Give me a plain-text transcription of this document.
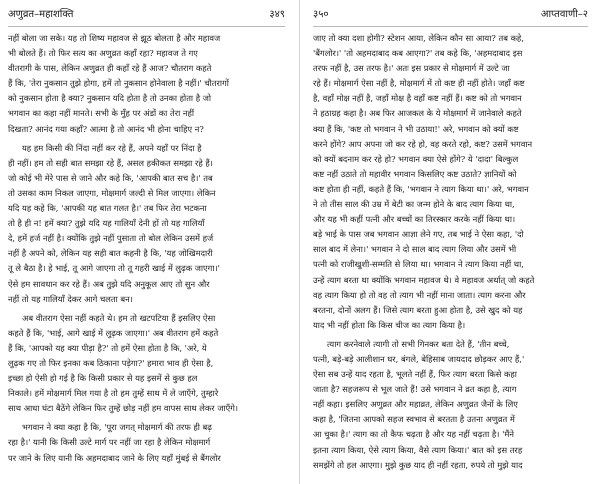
अणुव्रत–महाशक्ति	३४९
नहीं बोला जा सके। यह तो शिष्य महावज से झूठ बोलता है और महावज
भी बोलते हैं। तो फिर सत्य का अणुव्रत कहाँ रहा? महावज ते गए
वीतरागी के पास, लेकिन अणुव्रत ही कहाँ रहे हैं आज? चौतराग कहते
हैं कि, 'तेरा नुकसान तुझे होगा, हमें तो नुकसान होनेवाला है नहीं।' चौतरागों
को नुकसान होता है क्या? नुकसान यदि होता है तो उनका होता है जो
भगवान का कहा नहीं मानते। सभी के मुँह पर अंडों का तेरा नहीं
दिखता? आनंद गया कहाँ? आत्मा है तो आनंद भी होना चाहिए न?
यह हम किसी की निंदा नहीं कर रहे हैं, अपने यहाँ पर निंदा है
ही नहीं। हम तो सही बात समझा रहे हैं, असल हकीकत समझा रहे हैं।
जो कोई भी मेरे पास से जाने और कहे कि, 'आपकी बात सच है।' तब
तो उसका काम निकल जाएगा, मोक्षमार्ग जल्दी से मिल जाएगा। लेकिन
यदि यह कहे कि, 'आपकी यह बात गलत है।' तब फिर तेरा भटकना
तो है ही न! हमें क्या? तुझे यदि यह गालियाँ देनी हों तो यह गालियाँ
दे, हमें हर्ज नहीं है। क्योंकि तुझे नहीं पुसाता तो बोल लेकिन उसमें हर्ज
नहीं है अपने को, लेकिन यह सही बात कहनी है कि, 'यह जोखिमदारी
तू ले बैठा है। हे भाई, तू आगे जाएगा तो तू गहरी खाई में लुढ़क जाएगा।'
ऐसे हम सावधान कर रहे हैं। अब तुझे यदि अनुकूल आए तो सुन और
नहीं तो यह गालियाँ देकर आगे चलता बन।
अब वीतराग ऐसा नहीं कहते थे। हम तो खटपटिया हैं इसलिए ऐसा
कहते हैं कि, 'भाई, आगे खाई में लुढ़क जाएगा।' अब वीतराग हमें कहते
हैं कि, 'आपको यह क्या पीड़ा है?' तो हमें ऐसा होता है कि, 'अरे, ये
लुढ़क गए तो फिर इनका कब ठिकाना पड़ेगा?' हमारा भाव ही ऐसा है,
इच्छा हो ऐसी हो गई है कि किसी प्रकार से यह इसमें से कुछ हल
निकाले। हमें मोक्षमार्ग मिल गया है तो हम तुम्हें साथ में ले जाएँगे, तुम्हारे
साथ आधा घंटा बैठेंगे लेकिन फिर तुम्हें छोड़ नहीं हम वापस साथ लेकर जाएँगे।
भगवान ने क्या कहा है कि, 'पूरा जगत् मोक्षमार्ग की तरफ ही बढ़
रहा है।' यानी कि किसी उल्टे मार्ग पर नहीं जा रहा है लेकिन मोक्षमार्ग
पर जाने के लिए यानी कि अहमदाबाद जाने के लिए यहाँ मुंबई से बैंगलोर
३५०	आप्तवाणी–२
जाए तो क्या दशा होगी? स्टेशन आया, लेकिन कौन सा आया? तब कहे,
'बैंगलोर।' 'तो अहमदाबाद कब आएगा?' तब कहे कि, 'अहमदाबाद इस
तरफ नहीं है, उस तरफ है।' अतः इस प्रकार से मोक्षमार्ग में उल्टे जा
रहे हैं। मोक्षमार्ग ऐसा नहीं है, मोक्षमार्ग में तो कष्ट ही नहीं होते। जहाँ कष्ट
है, वहाँ मोक्ष नहीं है, जहाँ मोक्ष है वहाँ कष्ट नहीं हैं। कष्ट को तो भगवान
ने हठाग्रह कहा है। अब फिर आजकल के ये मोक्षमार्ग में जानेवाले कहते
क्या हैं कि, 'कष्ट तो भगवान ने भी उठाया!' अरे, भगवान को क्यों कष्ट
करने होंगे? आप अपना जो कर रहे हो, वह करते रहो, कष्ट? उसमें भगवान
को क्यों बदनाम कर रहे हो? भगवान क्या ऐसे होंगे? ये 'दादा' बिल्कुल
कष्ट नहीं उठाते तो महावीर भगवान किसलिए कष्ट उठाते? ज्ञानियों को
कष्ट होता ही नहीं, कहते हैं कि, 'भगवान ने त्याग किया था।' अरे, भगवान
ने तो तीस साल की उम्र में बेटी का जन्म होने के बाद त्याग किया था,
और यह भी कहीं पत्नी और बच्चों का तिरस्कार करके नहीं किया था।
बड़े भाई के पास जब भगवान आज्ञा लेने गए, तब भाई ने ऐसा कहा, 'दो
साल बाद में लेना।' भगवान ने दो साल बाद त्याग लिया और उसमें भी
पत्नी को राजीखुशी-सम्मति से लिया था। भगवान ने त्याग किया नहीं था,
उन्हें त्याग बरता था क्योंकि भगवान महावज थे। वे महावज अर्थात् जो कहते
वह त्याग किया हो तो वह तो त्याग भी नहीं माना जाता। त्याग करना और
बरतना, दोनों अलग हैं। जिसे त्याग बरता हुआ होता है, उसे खुद को यह
याद भी नहीं होता कि किस चीज का त्याग किया है।
त्याग करनेवाले त्यागी तो सभी गिनकर बता देते हैं, 'तीन बच्चे,
पत्नी, बड़े-बड़े आलीशान घर, बंगले, बेहिसाब जायदाद छोड़कर आए हैं,'
ऐसा सब उन्हें याद रहता है, भूलते नहीं हैं, फिर त्याग बरता किसे कहा
जाता है? सहजरूप से भूल जाते हैं! उसे भगवान ने व्रत कहा है, त्याग
नहीं कहा। इसलिए अणुव्रत और महाव्रत, लेकिन अणुव्रत जैनों के लिए
कहा है, 'जितना आपको सहज स्वभाव से बरतता है उतना अणुव्रत में
आ चुका है।' त्याग का तो कैफ चढ़ता है और यह नहीं चढ़ता है। 'मैंने
इतना त्याग किया, ऐसे त्याग किया, वैसे त्याग किया।' बात को इस तरह
समझेंगे तो हल आएगा। मुझे कुछ याद ही नहीं रहता, रुपये तो मुझे याद
